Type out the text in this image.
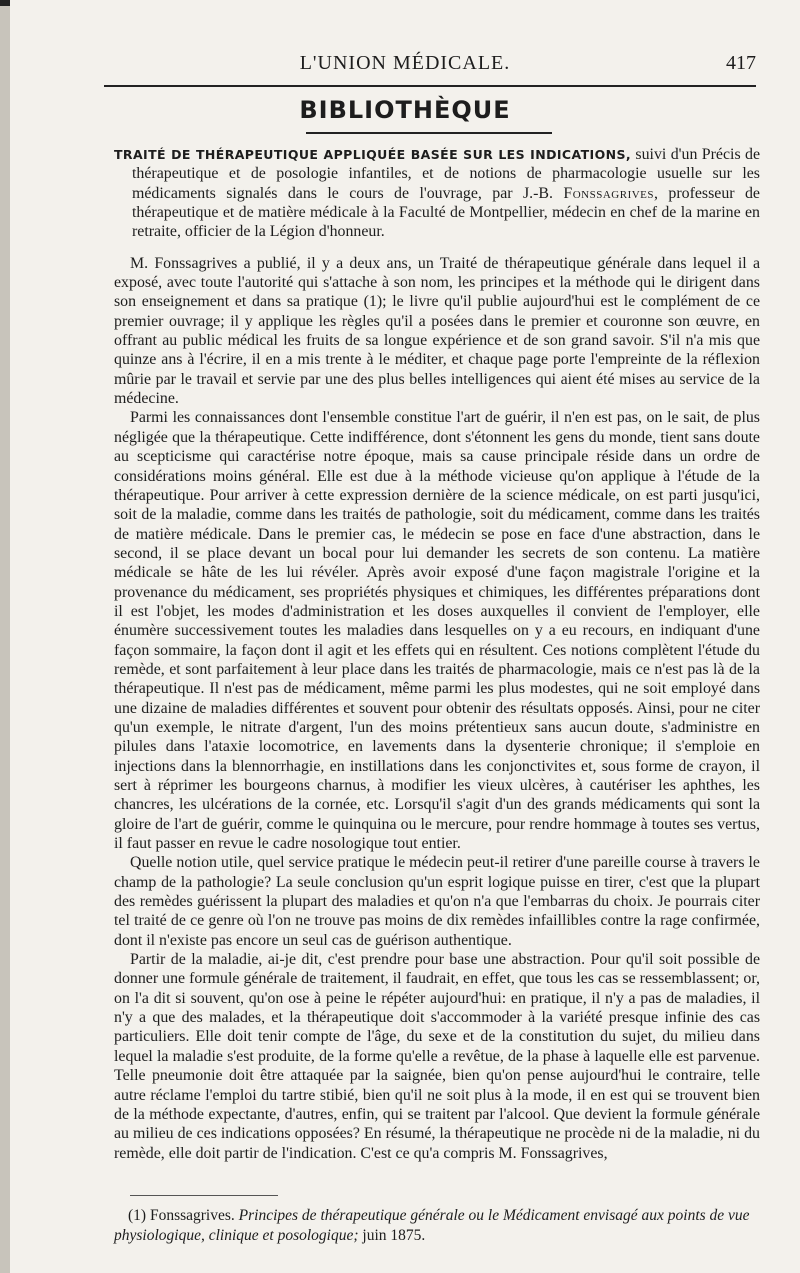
L'UNION MÉDICALE.	417
BIBLIOTHÈQUE
TRAITÉ DE THÉRAPEUTIQUE APPLIQUÉE BASÉE SUR LES INDICATIONS, suivi d'un Précis de thérapeutique et de posologie infantiles, et de notions de pharmacologie usuelle sur les médicaments signalés dans le cours de l'ouvrage, par J.-B. Fonssagrives, professeur de thérapeutique et de matière médicale à la Faculté de Montpellier, médecin en chef de la marine en retraite, officier de la Légion d'honneur.

M. Fonssagrives a publié, il y a deux ans, un Traité de thérapeutique générale dans lequel il a exposé, avec toute l'autorité qui s'attache à son nom, les principes et la méthode qui le dirigent dans son enseignement et dans sa pratique (1); le livre qu'il publie aujourd'hui est le complément de ce premier ouvrage; il y applique les règles qu'il a posées dans le premier et couronne son œuvre, en offrant au public médical les fruits de sa longue expérience et de son grand savoir. S'il n'a mis que quinze ans à l'écrire, il en a mis trente à le méditer, et chaque page porte l'empreinte de la réflexion mûrie par le travail et servie par une des plus belles intelligences qui aient été mises au service de la médecine.

Parmi les connaissances dont l'ensemble constitue l'art de guérir, il n'en est pas, on le sait, de plus négligée que la thérapeutique. Cette indifférence, dont s'étonnent les gens du monde, tient sans doute au scepticisme qui caractérise notre époque, mais sa cause principale réside dans un ordre de considérations moins général. Elle est due à la méthode vicieuse qu'on applique à l'étude de la thérapeutique. Pour arriver à cette expression dernière de la science médicale, on est parti jusqu'ici, soit de la maladie, comme dans les traités de pathologie, soit du médicament, comme dans les traités de matière médicale. Dans le premier cas, le médecin se pose en face d'une abstraction, dans le second, il se place devant un bocal pour lui demander les secrets de son contenu. La matière médicale se hâte de les lui révéler. Après avoir exposé d'une façon magistrale l'origine et la provenance du médicament, ses propriétés physiques et chimiques, les différentes préparations dont il est l'objet, les modes d'administration et les doses auxquelles il convient de l'employer, elle énumère successivement toutes les maladies dans lesquelles on y a eu recours, en indiquant d'une façon sommaire, la façon dont il agit et les effets qui en résultent. Ces notions complètent l'étude du remède, et sont parfaitement à leur place dans les traités de pharmacologie, mais ce n'est pas là de la thérapeutique. Il n'est pas de médicament, même parmi les plus modestes, qui ne soit employé dans une dizaine de maladies différentes et souvent pour obtenir des résultats opposés. Ainsi, pour ne citer qu'un exemple, le nitrate d'argent, l'un des moins prétentieux sans aucun doute, s'administre en pilules dans l'ataxie locomotrice, en lavements dans la dysenterie chronique; il s'emploie en injections dans la blennorrhagie, en instillations dans les conjonctivites et, sous forme de crayon, il sert à réprimer les bourgeons charnus, à modifier les vieux ulcères, à cautériser les aphthes, les chancres, les ulcérations de la cornée, etc. Lorsqu'il s'agit d'un des grands médicaments qui sont la gloire de l'art de guérir, comme le quinquina ou le mercure, pour rendre hommage à toutes ses vertus, il faut passer en revue le cadre nosologique tout entier.

Quelle notion utile, quel service pratique le médecin peut-il retirer d'une pareille course à travers le champ de la pathologie? La seule conclusion qu'un esprit logique puisse en tirer, c'est que la plupart des remèdes guérissent la plupart des maladies et qu'on n'a que l'embarras du choix. Je pourrais citer tel traité de ce genre où l'on ne trouve pas moins de dix remèdes infaillibles contre la rage confirmée, dont il n'existe pas encore un seul cas de guérison authentique.

Partir de la maladie, ai-je dit, c'est prendre pour base une abstraction. Pour qu'il soit possible de donner une formule générale de traitement, il faudrait, en effet, que tous les cas se ressemblassent; or, on l'a dit si souvent, qu'on ose à peine le répéter aujourd'hui: en pratique, il n'y a pas de maladies, il n'y a que des malades, et la thérapeutique doit s'accommoder à la variété presque infinie des cas particuliers. Elle doit tenir compte de l'âge, du sexe et de la constitution du sujet, du milieu dans lequel la maladie s'est produite, de la forme qu'elle a revêtue, de la phase à laquelle elle est parvenue. Telle pneumonie doit être attaquée par la saignée, bien qu'on pense aujourd'hui le contraire, telle autre réclame l'emploi du tartre stibié, bien qu'il ne soit plus à la mode, il en est qui se trouvent bien de la méthode expectante, d'autres, enfin, qui se traitent par l'alcool. Que devient la formule générale au milieu de ces indications opposées? En résumé, la thérapeutique ne procède ni de la maladie, ni du remède, elle doit partir de l'indication. C'est ce qu'a compris M. Fonssagrives,

(1) Fonssagrives. Principes de thérapeutique générale ou le Médicament envisagé aux points de vue physiologique, clinique et posologique; juin 1875.
